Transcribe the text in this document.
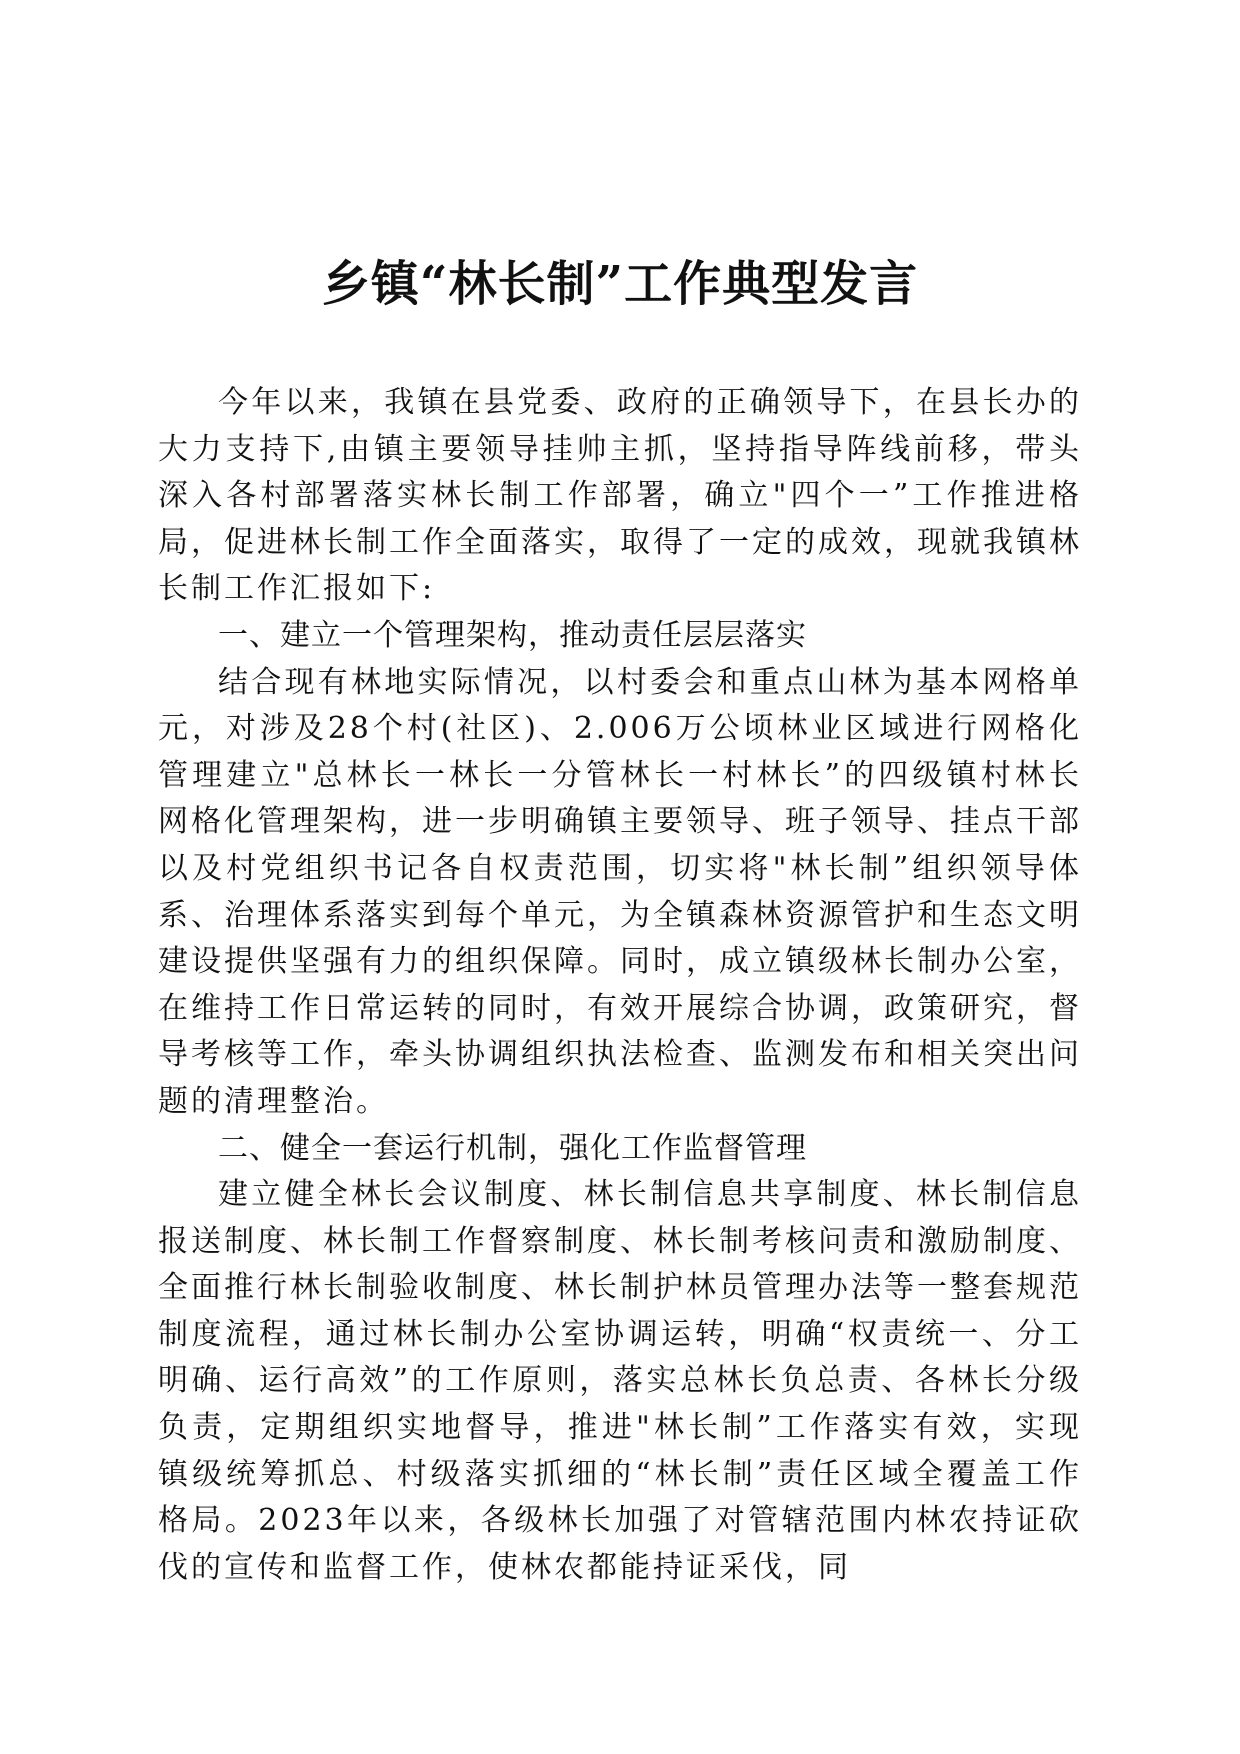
乡镇“林长制”工作典型发言

今年以来，我镇在县党委、政府的正确领导下，在县长办的大力支持下,由镇主要领导挂帅主抓，坚持指导阵线前移，带头深入各村部署落实林长制工作部署，确立"四个一”工作推进格局，促进林长制工作全面落实，取得了一定的成效，现就我镇林长制工作汇报如下:

一、建立一个管理架构，推动责任层层落实

结合现有林地实际情况，以村委会和重点山林为基本网格单元，对涉及28个村(社区)、2.006万公顷林业区域进行网格化管理建立"总林长一林长一分管林长一村林长”的四级镇村林长网格化管理架构，进一步明确镇主要领导、班子领导、挂点干部以及村党组织书记各自权责范围，切实将"林长制”组织领导体系、治理体系落实到每个单元，为全镇森林资源管护和生态文明建设提供坚强有力的组织保障。同时，成立镇级林长制办公室，在维持工作日常运转的同时，有效开展综合协调，政策研究，督导考核等工作，牵头协调组织执法检查、监测发布和相关突出问题的清理整治。

二、健全一套运行机制，强化工作监督管理

建立健全林长会议制度、林长制信息共享制度、林长制信息报送制度、林长制工作督察制度、林长制考核问责和激励制度、全面推行林长制验收制度、林长制护林员管理办法等一整套规范制度流程，通过林长制办公室协调运转，明确“权责统一、分工明确、运行高效”的工作原则，落实总林长负总责、各林长分级负责，定期组织实地督导，推进"林长制”工作落实有效，实现镇级统筹抓总、村级落实抓细的“林长制”责任区域全覆盖工作格局。2023年以来，各级林长加强了对管辖范围内林农持证砍伐的宣传和监督工作，使林农都能持证采伐，同
